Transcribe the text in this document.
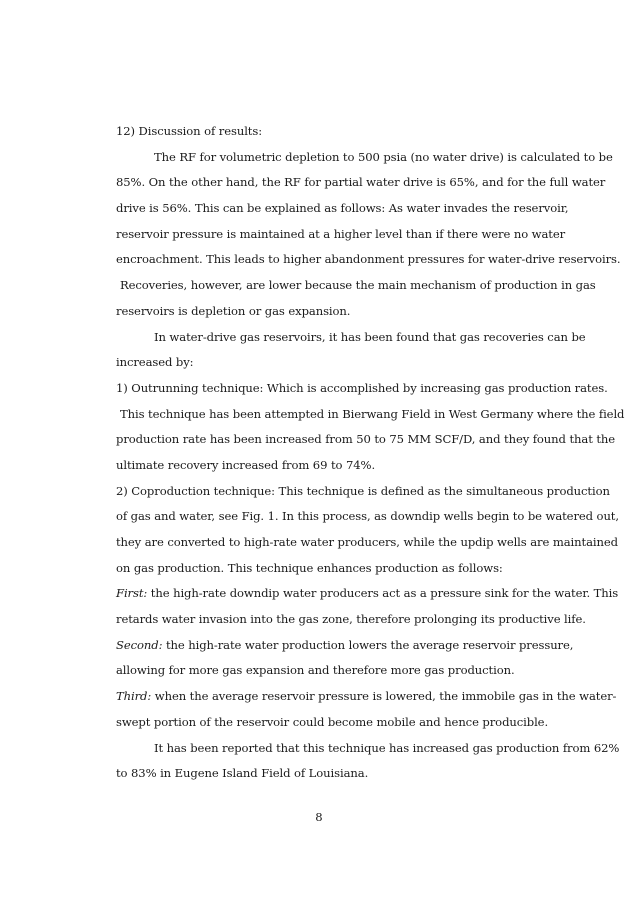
12) Discussion of results:
The RF for volumetric depletion to 500 psia (no water drive) is calculated to be
85%. On the other hand, the RF for partial water drive is 65%, and for the full water
drive is 56%. This can be explained as follows: As water invades the reservoir,
reservoir pressure is maintained at a higher level than if there were no water
encroachment. This leads to higher abandonment pressures for water-drive reservoirs.
Recoveries, however, are lower because the main mechanism of production in gas
reservoirs is depletion or gas expansion.
In water-drive gas reservoirs, it has been found that gas recoveries can be
increased by:
1) Outrunning technique: Which is accomplished by increasing gas production rates.
This technique has been attempted in Bierwang Field in West Germany where the field
production rate has been increased from 50 to 75 MM SCF/D, and they found that the
ultimate recovery increased from 69 to 74%.
2) Coproduction technique: This technique is defined as the simultaneous production
of gas and water, see Fig. 1. In this process, as downdip wells begin to be watered out,
they are converted to high-rate water producers, while the updip wells are maintained
on gas production. This technique enhances production as follows:
First: the high-rate downdip water producers act as a pressure sink for the water. This
retards water invasion into the gas zone, therefore prolonging its productive life.
Second: the high-rate water production lowers the average reservoir pressure,
allowing for more gas expansion and therefore more gas production.
Third: when the average reservoir pressure is lowered, the immobile gas in the water-
swept portion of the reservoir could become mobile and hence producible.
It has been reported that this technique has increased gas production from 62%
to 83% in Eugene Island Field of Louisiana.
8
